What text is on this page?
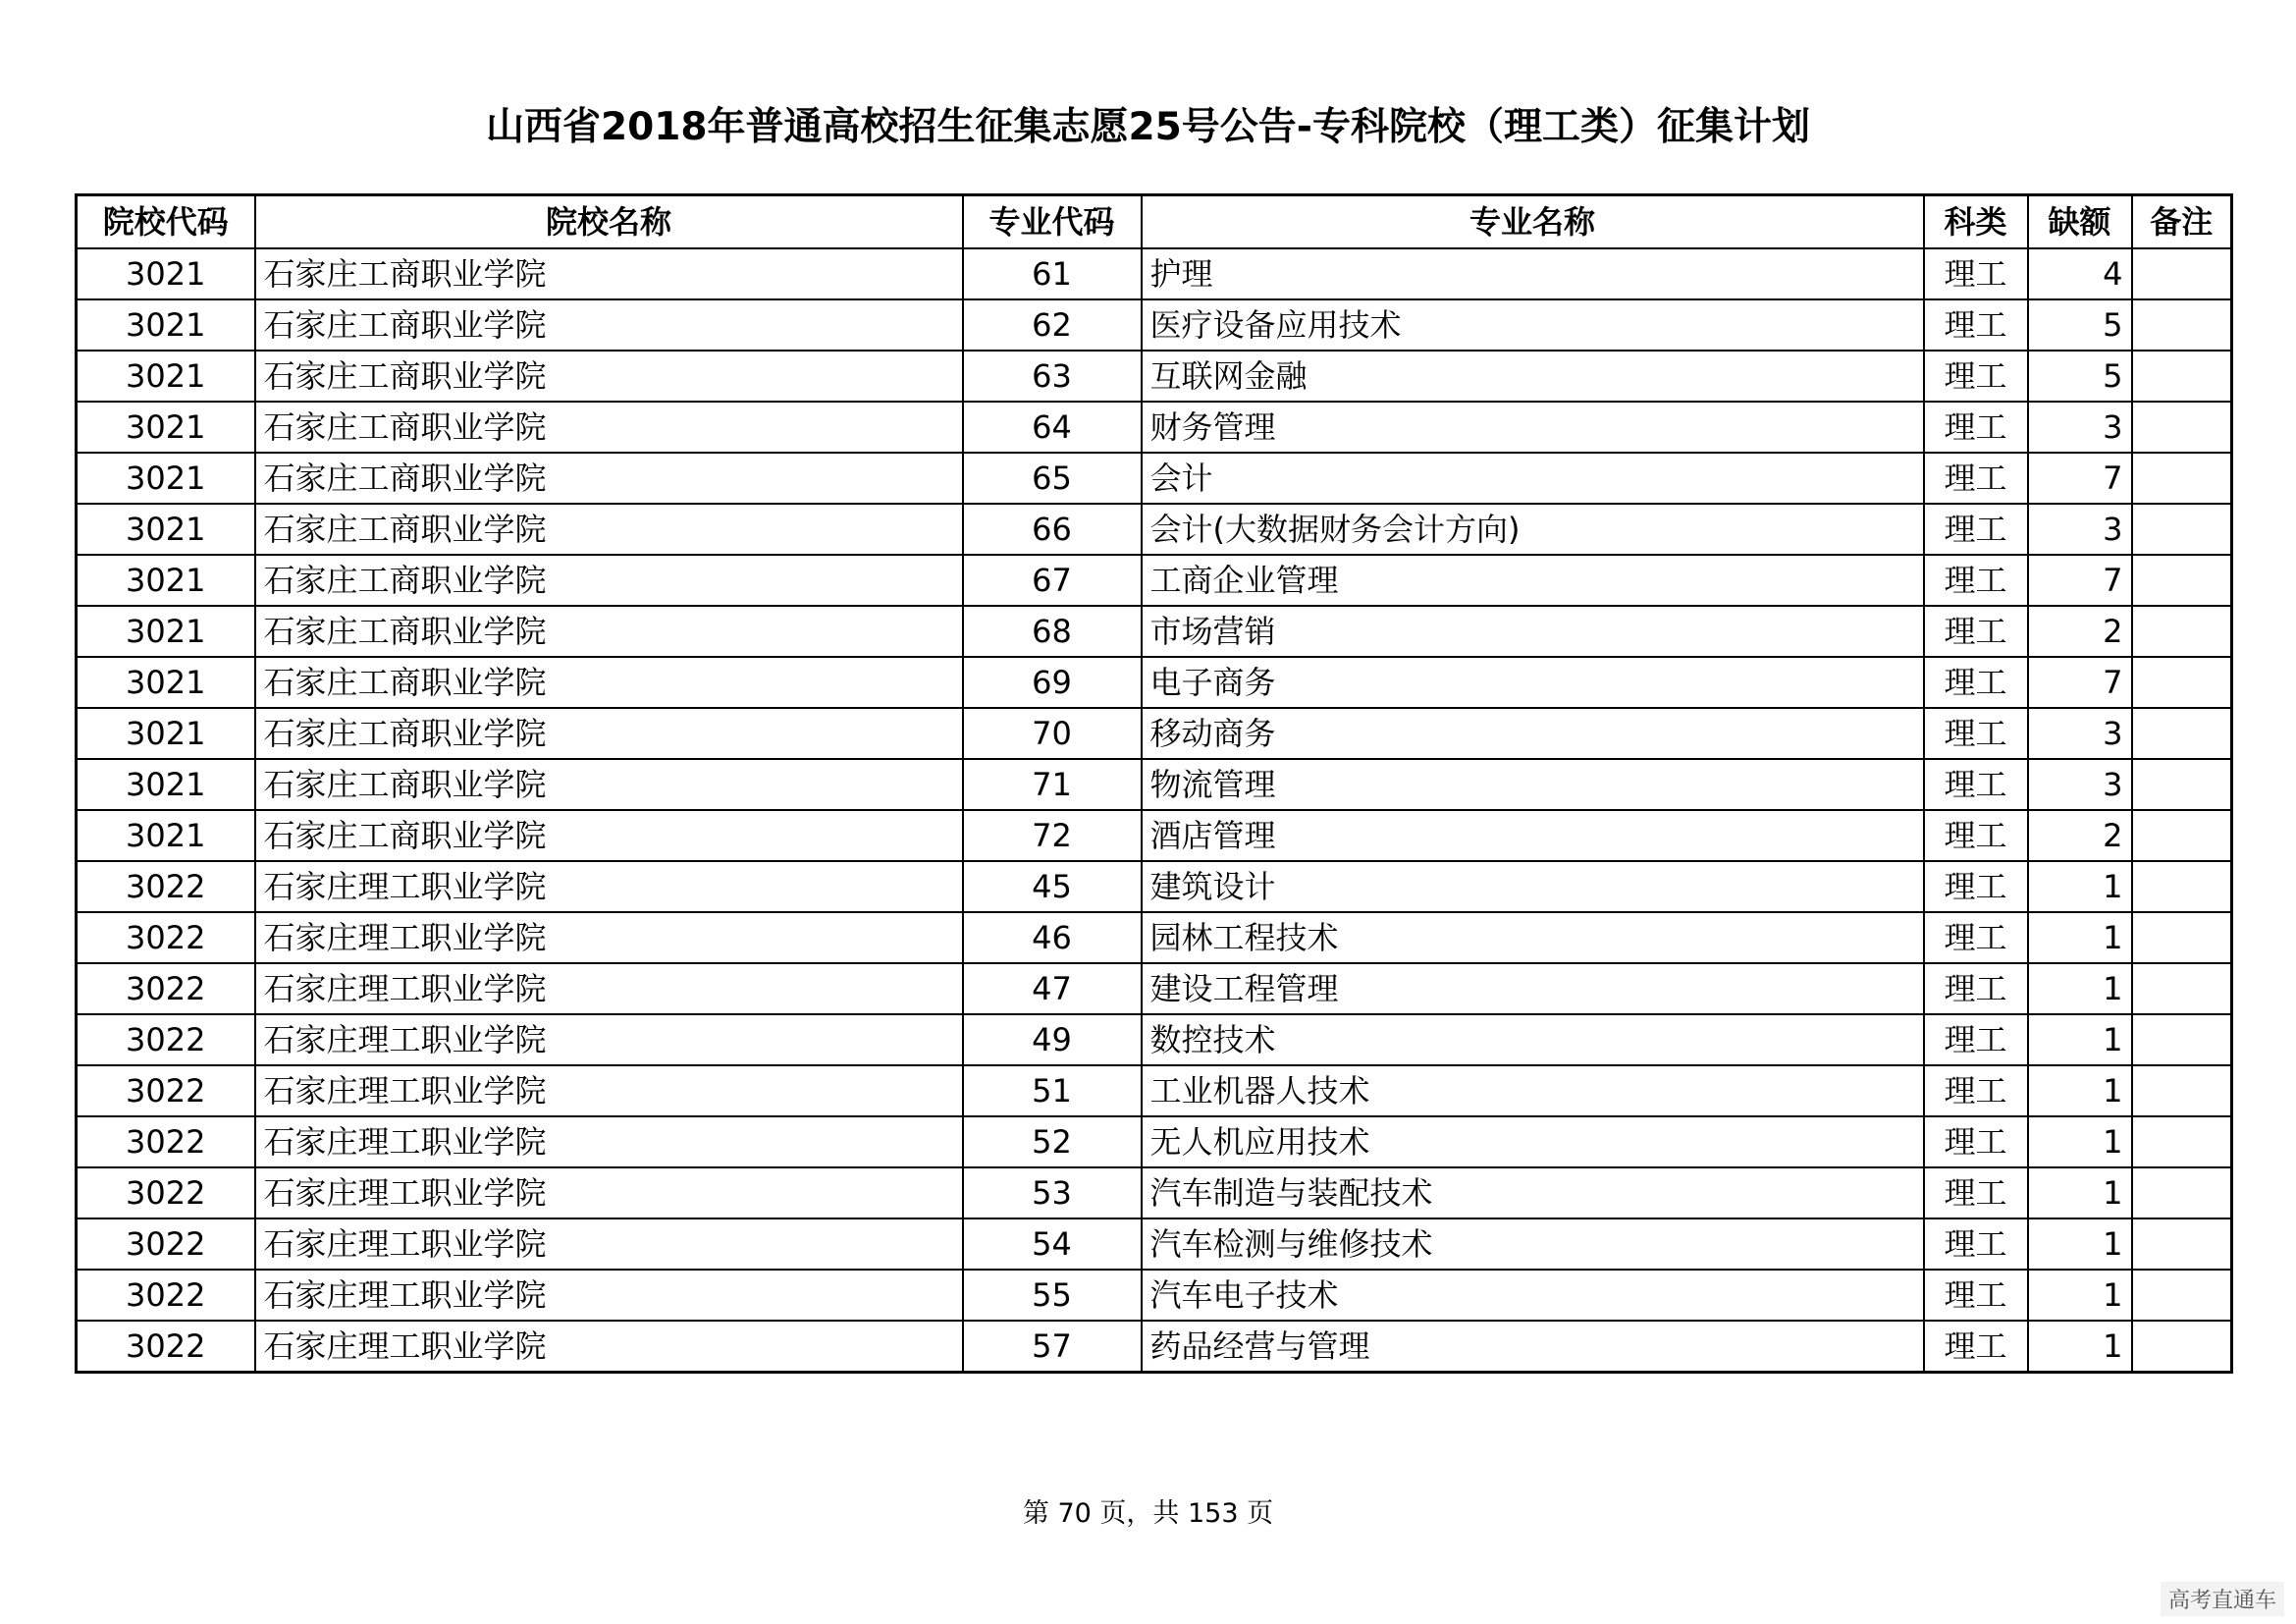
山西省2018年普通高校招生征集志愿25号公告-专科院校（理工类）征集计划
院校代码	院校名称	专业代码	专业名称	科类	缺额	备注
3021	石家庄工商职业学院	61	护理	理工	4	
3021	石家庄工商职业学院	62	医疗设备应用技术	理工	5	
3021	石家庄工商职业学院	63	互联网金融	理工	5	
3021	石家庄工商职业学院	64	财务管理	理工	3	
3021	石家庄工商职业学院	65	会计	理工	7	
3021	石家庄工商职业学院	66	会计(大数据财务会计方向)	理工	3	
3021	石家庄工商职业学院	67	工商企业管理	理工	7	
3021	石家庄工商职业学院	68	市场营销	理工	2	
3021	石家庄工商职业学院	69	电子商务	理工	7	
3021	石家庄工商职业学院	70	移动商务	理工	3	
3021	石家庄工商职业学院	71	物流管理	理工	3	
3021	石家庄工商职业学院	72	酒店管理	理工	2	
3022	石家庄理工职业学院	45	建筑设计	理工	1	
3022	石家庄理工职业学院	46	园林工程技术	理工	1	
3022	石家庄理工职业学院	47	建设工程管理	理工	1	
3022	石家庄理工职业学院	49	数控技术	理工	1	
3022	石家庄理工职业学院	51	工业机器人技术	理工	1	
3022	石家庄理工职业学院	52	无人机应用技术	理工	1	
3022	石家庄理工职业学院	53	汽车制造与装配技术	理工	1	
3022	石家庄理工职业学院	54	汽车检测与维修技术	理工	1	
3022	石家庄理工职业学院	55	汽车电子技术	理工	1	
3022	石家庄理工职业学院	57	药品经营与管理	理工	1	
第 70 页，共 153 页
高考直通车
